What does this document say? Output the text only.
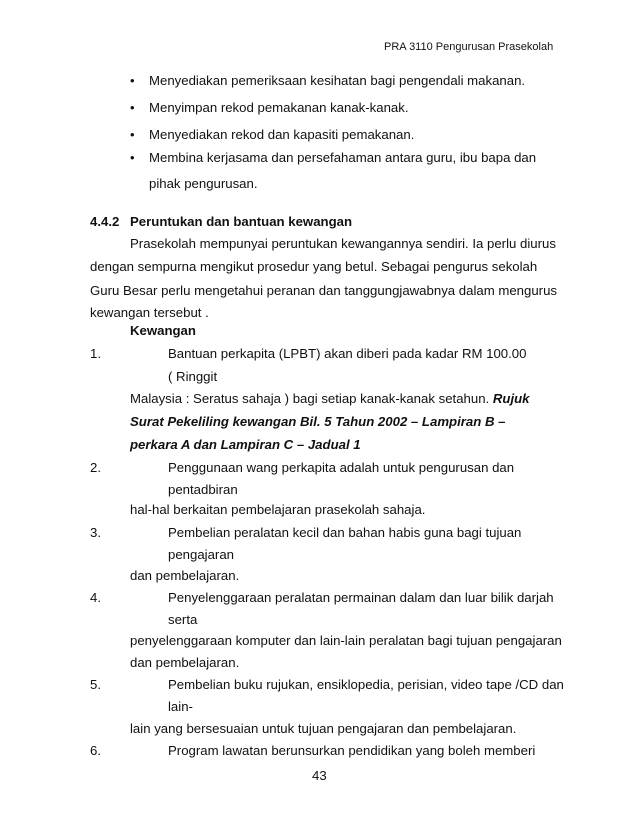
PRA 3110 Pengurusan Prasekolah
• Menyediakan pemeriksaan kesihatan bagi pengendali makanan.
• Menyimpan rekod pemakanan kanak-kanak.
• Menyediakan rekod dan kapasiti pemakanan.
• Membina kerjasama dan persefahaman antara guru, ibu bapa dan
pihak pengurusan.
4.4.2 Peruntukan dan bantuan kewangan
Prasekolah mempunyai peruntukan kewangannya sendiri. Ia perlu diurus
dengan sempurna mengikut prosedur yang betul. Sebagai pengurus sekolah
Guru Besar perlu mengetahui peranan dan tanggungjawabnya dalam mengurus
kewangan tersebut .
Kewangan
1.	Bantuan perkapita (LPBT) akan diberi pada kadar RM 100.00
( Ringgit
Malaysia : Seratus sahaja ) bagi setiap kanak-kanak setahun. Rujuk
Surat Pekeliling kewangan Bil. 5 Tahun 2002 – Lampiran B –
perkara A dan Lampiran C – Jadual 1
2.	Penggunaan wang perkapita adalah untuk pengurusan dan
pentadbiran
hal-hal berkaitan pembelajaran prasekolah sahaja.
3.	Pembelian peralatan kecil dan bahan habis guna bagi tujuan
pengajaran
dan pembelajaran.
4.	Penyelenggaraan peralatan permainan dalam dan luar bilik darjah
serta
penyelenggaraan komputer dan lain-lain peralatan bagi tujuan pengajaran
dan pembelajaran.
5.	Pembelian buku rujukan, ensiklopedia, perisian, video tape /CD dan
lain-
lain yang bersesuaian untuk tujuan pengajaran dan pembelajaran.
6.	Program lawatan berunsurkan pendidikan yang boleh memberi
43
